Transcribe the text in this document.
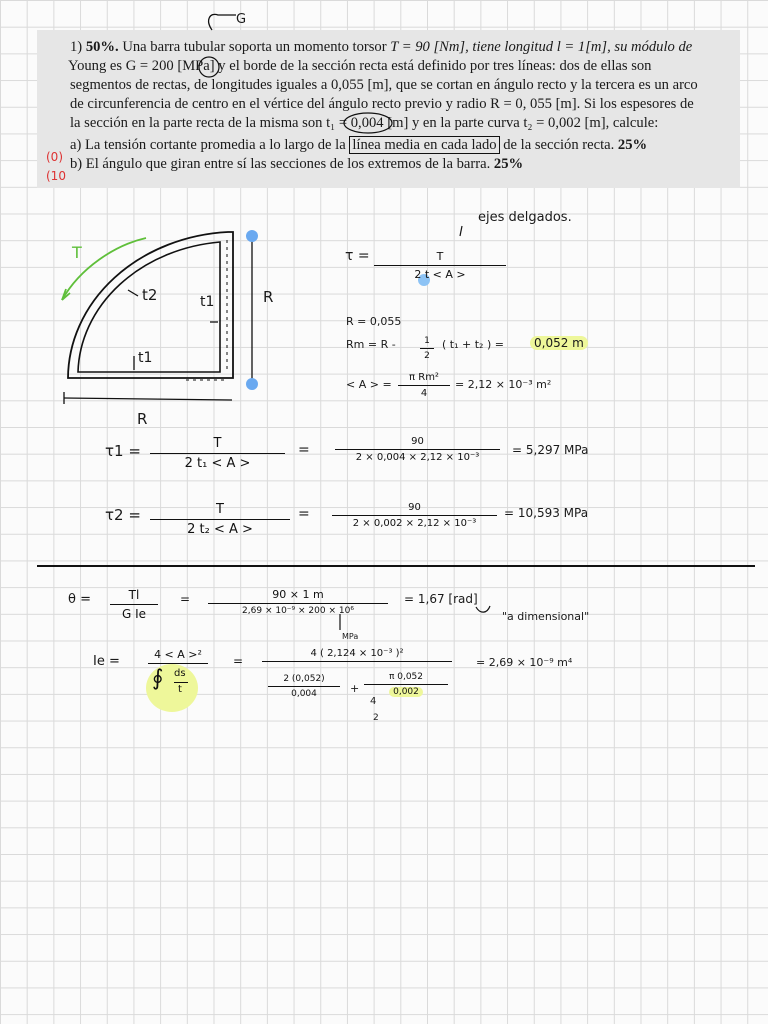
1) 50%. Una barra tubular soporta un momento torsor T = 90 [Nm], tiene longitud l = 1[m], su módulo de
Young es G = 200 [MPa] y el borde de la sección recta está definido por tres líneas: dos de ellas son
segmentos de rectas, de longitudes iguales a 0,055 [m], que se cortan en ángulo recto y la tercera es un arco
de circunferencia de centro en el vértice del ángulo recto previo y radio R = 0, 055 [m]. Si los espesores de
la sección en la parte recta de la misma son t₁ = 0,004 [m] y en la parte curva t₂ = 0,002 [m], calcule:

a) La tensión cortante promedia a lo largo de la línea media en cada lado de la sección recta. 25%
b) El ángulo que giran entre sí las secciones de los extremos de la barra. 25%
(0)
(10
G
T
t2	t1
t1
R
R
ejes delgados.
τ =	T
2 t < A >
R = 0,055
Rm = R -	1
2
( t₁ + t₂ ) =	0,052 m
< A > =
π Rm²
4
= 2,12 × 10⁻³ m²
τ1 =	T
2 t₁ < A >
=
90
2 × 0,004 × 2,12 × 10⁻³
= 5,297 MPa
τ2 =	T
2 t₂ < A >
=	90
2 × 0,002 × 2,12 × 10⁻³
= 10,593 MPa
θ =	Tl
G Ie
=	90 × 1 m
2,69 × 10⁻⁹ × 200 × 10⁶
MPa
= 1,67 [rad]
"a dimensional"
Ie =	4 < A >²
∮ ds
t
=
4 ( 2,124 × 10⁻³ )²
2 (0,052)
0,004	+
π 0,052
0,002
4
2
= 2,69 × 10⁻⁹ m⁴
